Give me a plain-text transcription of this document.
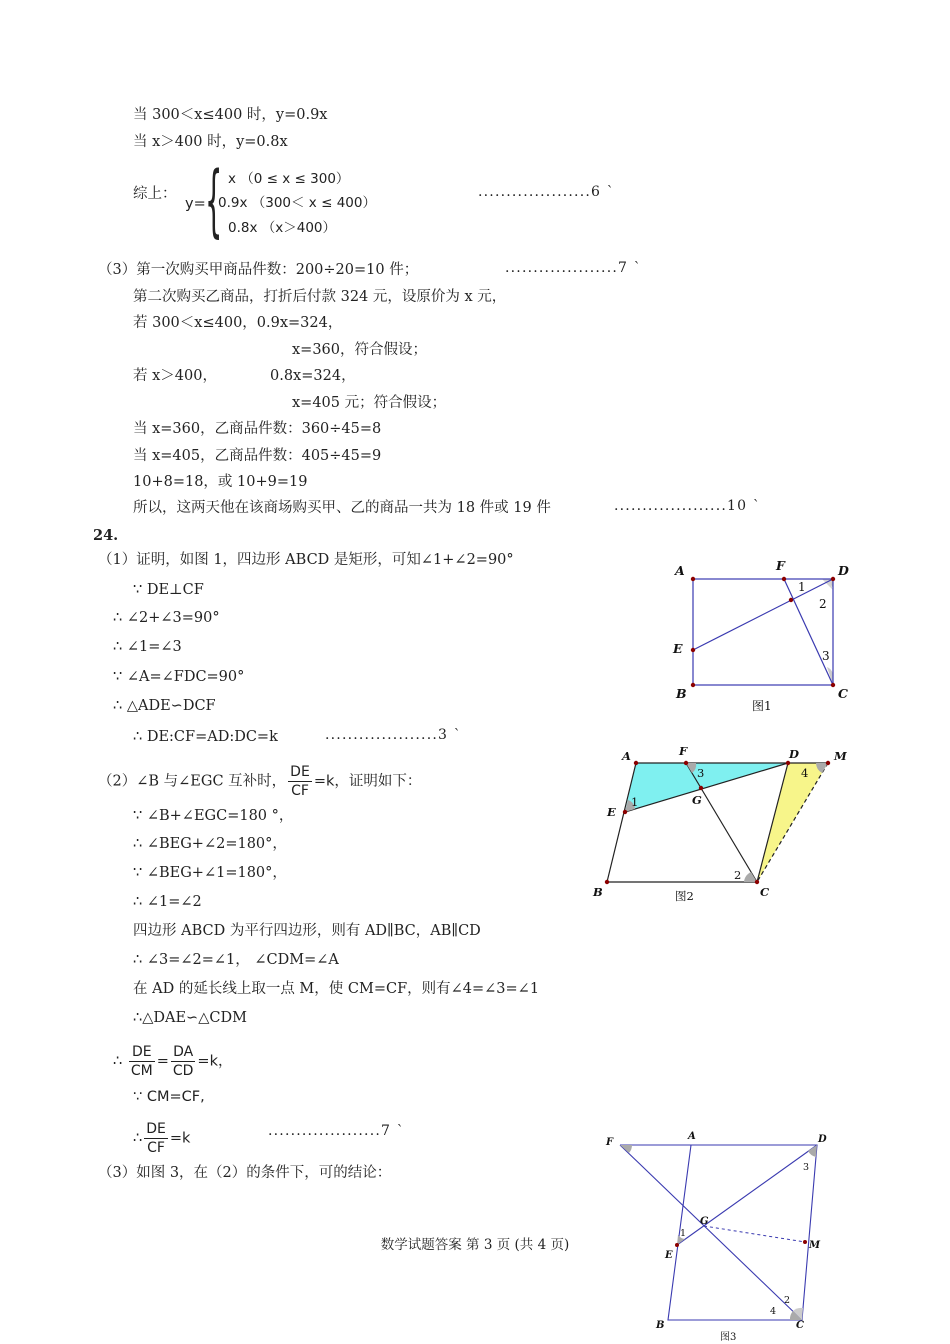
当 300＜x≤400 时，y=0.9x
当 x＞400 时，y=0.8x
综上：
y= { x （0 ≤ x ≤ 300）
0.9x （300＜ x ≤ 400）
0.8x （x＞400）
....................6 `
（3）第一次购买甲商品件数：200÷20=10 件；	....................7 `
第二次购买乙商品，打折后付款 324 元，设原价为 x 元，
若 300＜x≤400，0.9x=324，
x=360，符合假设；
若 x＞400，	0.8x=324，
x=405 元；符合假设；
当 x=360，乙商品件数：360÷45=8
当 x=405，乙商品件数：405÷45=9
10+8=18，或 10+9=19
所以，这两天他在该商场购买甲、乙的商品一共为 18 件或 19 件	....................10 `
24.
（1）证明，如图 1，四边形 ABCD 是矩形，可知∠1+∠2=90°
∵ DE⊥CF
∴ ∠2+∠3=90°
∴ ∠1=∠3
∵ ∠A=∠FDC=90°
∴ △ADE∽DCF
∴ DE:CF=AD:DC=k	....................3 `
（2）∠B 与∠EGC 互补时， $\frac{DE}{CF} =k$，证明如下：
∵ ∠B+∠EGC=180 °，
∴ ∠BEG+∠2=180°，
∵ ∠BEG+∠1=180°，
∴ ∠1=∠2
四边形 ABCD 为平行四边形，则有 AD∥BC，AB∥CD
∴ ∠3=∠2=∠1， ∠CDM=∠A
在 AD 的延长线上取一点 M，使 CM=CF，则有∠4=∠3=∠1
∴△DAE∽△CDM
∴ $\frac{DE}{CM} = \frac{DA}{CD} =k$，
∵ CM=CF,
∴ $\frac{DE}{CF} =k$	....................7 `
（3）如图 3，在（2）的条件下，可的结论：
数学试题答案 第 3 页 (共 4 页)
A	F	D
E
B	C
1
2
3
图1
A	F	D	M
E
G
B	C
1
3
2
4
图2
F
A	D
G
M
E
B	C
3
1
2
4
图3
